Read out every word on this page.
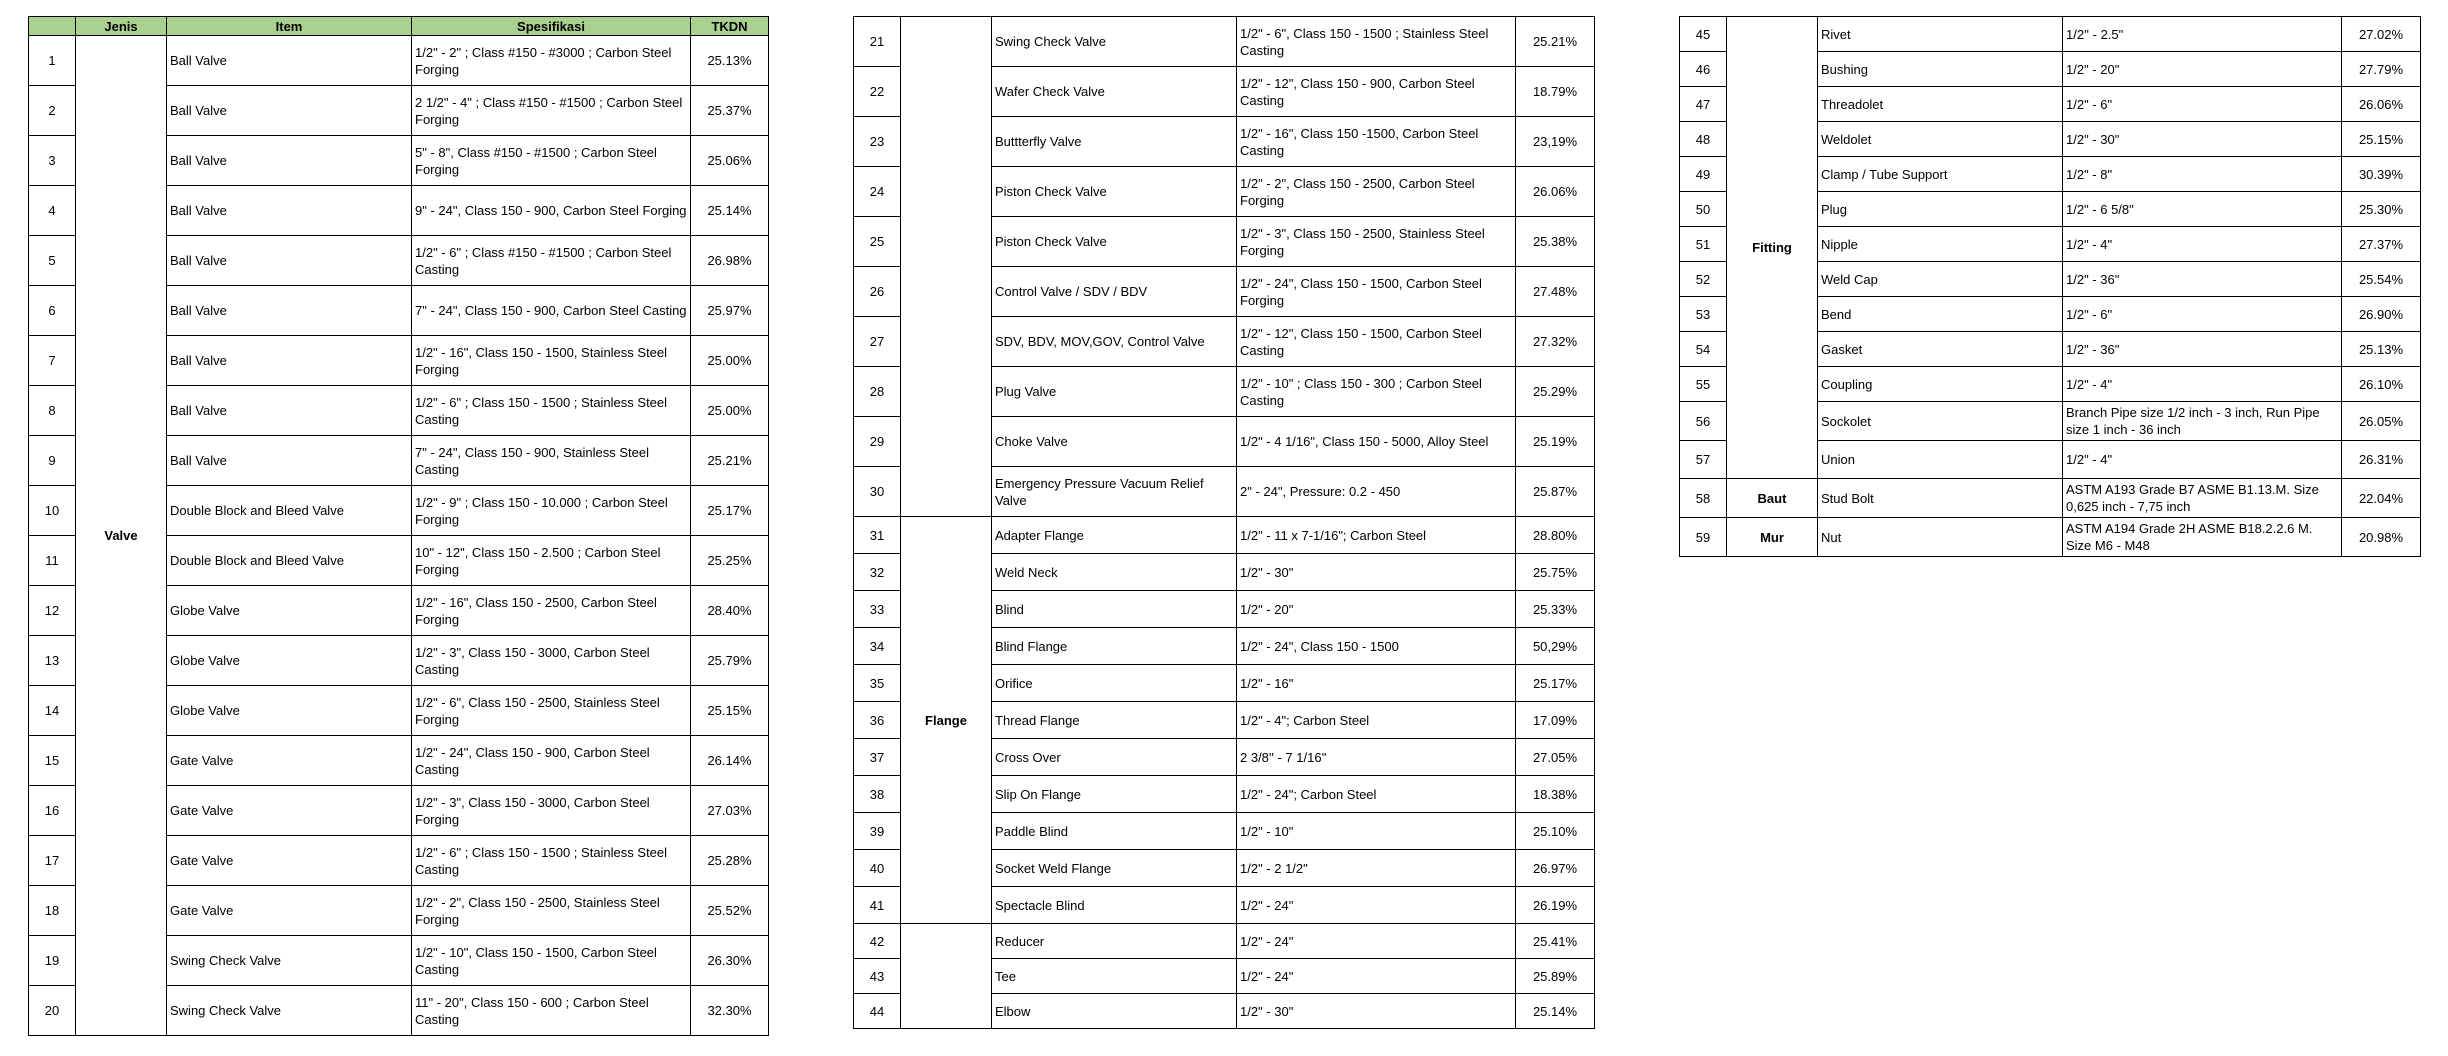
	Jenis	Item	Spesifikasi	TKDN
1	Valve	Ball Valve	1/2" - 2" ; Class #150 - #3000 ; Carbon Steel Forging	25.13%
2		Ball Valve	2 1/2" - 4" ; Class #150 - #1500 ; Carbon Steel Forging	25.37%
3		Ball Valve	5" - 8", Class #150 - #1500 ; Carbon Steel Forging	25.06%
4		Ball Valve	9" - 24", Class 150 - 900, Carbon Steel Forging	25.14%
5		Ball Valve	1/2" - 6" ; Class #150 - #1500 ; Carbon Steel Casting	26.98%
6		Ball Valve	7" - 24", Class 150 - 900, Carbon Steel Casting	25.97%
7		Ball Valve	1/2" - 16", Class 150 - 1500, Stainless Steel Forging	25.00%
8		Ball Valve	1/2" - 6" ; Class 150 - 1500 ; Stainless Steel Casting	25.00%
9		Ball Valve	7" - 24", Class 150 - 900, Stainless Steel Casting	25.21%
10		Double Block and Bleed Valve	1/2" - 9" ; Class 150 - 10.000 ; Carbon Steel Forging	25.17%
11		Double Block and Bleed Valve	10" - 12", Class 150 - 2.500 ; Carbon Steel Forging	25.25%
12		Globe Valve	1/2" - 16", Class 150 - 2500, Carbon Steel Forging	28.40%
13		Globe Valve	1/2" - 3", Class 150 - 3000, Carbon Steel Casting	25.79%
14		Globe Valve	1/2" - 6", Class 150 - 2500, Stainless Steel Forging	25.15%
15		Gate Valve	1/2" - 24", Class 150 - 900, Carbon Steel Casting	26.14%
16		Gate Valve	1/2" - 3", Class 150 - 3000, Carbon Steel Forging	27.03%
17		Gate Valve	1/2" - 6" ; Class 150 - 1500 ; Stainless Steel Casting	25.28%
18		Gate Valve	1/2" - 2", Class 150 - 2500, Stainless Steel Forging	25.52%
19		Swing Check Valve	1/2" - 10", Class 150 - 1500, Carbon Steel Casting	26.30%
20		Swing Check Valve	11" - 20", Class 150 - 600 ; Carbon Steel Casting	32.30%
21		Swing Check Valve	1/2" - 6", Class 150 - 1500 ; Stainless Steel Casting	25.21%
22		Wafer Check Valve	1/2" - 12", Class 150 - 900, Carbon Steel Casting	18.79%
23		Buttterfly Valve	1/2" - 16", Class 150 -1500, Carbon Steel Casting	23,19%
24		Piston Check Valve	1/2" - 2", Class 150 - 2500, Carbon Steel Forging	26.06%
25		Piston Check Valve	1/2" - 3", Class 150 - 2500, Stainless Steel Forging	25.38%
26		Control Valve / SDV / BDV	1/2" - 24", Class 150 - 1500, Carbon Steel Forging	27.48%
27		SDV, BDV, MOV,GOV, Control Valve	1/2" - 12", Class 150 - 1500, Carbon Steel Casting	27.32%
28		Plug Valve	1/2" - 10" ; Class 150 - 300 ; Carbon Steel Casting	25.29%
29		Choke Valve	1/2" - 4 1/16", Class 150 - 5000, Alloy Steel	25.19%
30		Emergency Pressure Vacuum Relief Valve	2" - 24", Pressure: 0.2 - 450	25.87%
31	Flange	Adapter Flange	1/2" - 11 x 7-1/16"; Carbon Steel	28.80%
32		Weld Neck	1/2" - 30"	25.75%
33		Blind	1/2" - 20"	25.33%
34		Blind Flange	1/2" - 24", Class 150 - 1500	50,29%
35		Orifice	1/2" - 16"	25.17%
36		Thread Flange	1/2" - 4"; Carbon Steel	17.09%
37		Cross Over	2 3/8'' - 7 1/16''	27.05%
38		Slip On Flange	1/2" - 24"; Carbon Steel	18.38%
39		Paddle Blind	1/2" - 10"	25.10%
40		Socket Weld Flange	1/2" - 2 1/2"	26.97%
41		Spectacle Blind	1/2" - 24"	26.19%
42		Reducer	1/2" - 24"	25.41%
43		Tee	1/2" - 24"	25.89%
44		Elbow	1/2" - 30"	25.14%
45	Fitting	Rivet	1/2'' - 2.5"	27.02%
46		Bushing	1/2" - 20"	27.79%
47		Threadolet	1/2" - 6"	26.06%
48		Weldolet	1/2" - 30"	25.15%
49		Clamp / Tube Support	1/2" - 8"	30.39%
50		Plug	1/2" - 6 5/8"	25.30%
51		Nipple	1/2" - 4"	27.37%
52		Weld Cap	1/2" - 36"	25.54%
53		Bend	1/2" - 6"	26.90%
54		Gasket	1/2" - 36"	25.13%
55		Coupling	1/2" - 4"	26.10%
56		Sockolet	Branch Pipe size 1/2 inch - 3 inch, Run Pipe size 1 inch - 36 inch	26.05%
57		Union	1/2" - 4"	26.31%
58	Baut	Stud Bolt	ASTM A193 Grade B7 ASME B1.13.M. Size 0,625 inch - 7,75 inch	22.04%
59	Mur	Nut	ASTM A194 Grade 2H ASME B18.2.2.6 M. Size M6 - M48	20.98%
